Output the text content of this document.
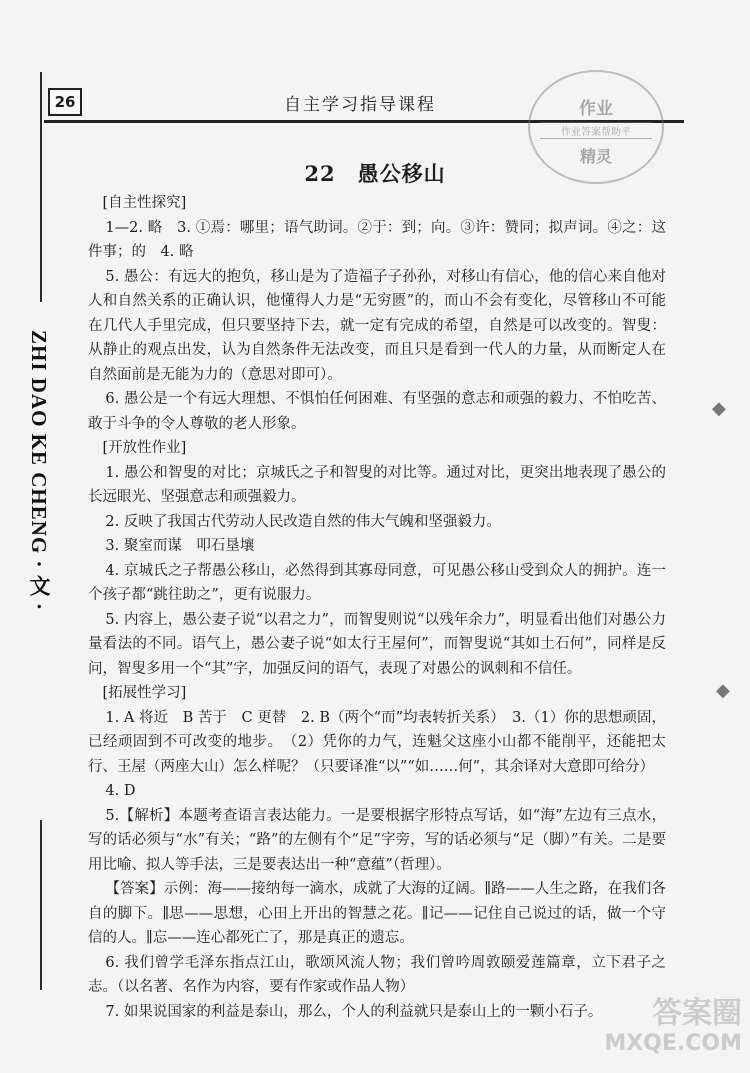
26	自主学习指导课程	作业
作业答案帮助平
精灵
ZHI DAO KE CHENG · 文 ·
22　愚公移山

[自主性探究]

1—2. 略　3. ①焉：哪里；语气助词。②于：到；向。③许：赞同；拟声词。④之：这件事；的　4. 略

5. 愚公：有远大的抱负，移山是为了造福子子孙孙，对移山有信心，他的信心来自他对人和自然关系的正确认识，他懂得人力是“无穷匮”的，而山不会有变化，尽管移山不可能在几代人手里完成，但只要坚持下去，就一定有完成的希望，自然是可以改变的。智叟：从静止的观点出发，认为自然条件无法改变，而且只是看到一代人的力量，从而断定人在自然面前是无能为力的（意思对即可）。

6. 愚公是一个有远大理想、不惧怕任何困难、有坚强的意志和顽强的毅力、不怕吃苦、敢于斗争的令人尊敬的老人形象。

[开放性作业]

1. 愚公和智叟的对比；京城氏之子和智叟的对比等。通过对比，更突出地表现了愚公的长远眼光、坚强意志和顽强毅力。

2. 反映了我国古代劳动人民改造自然的伟大气魄和坚强毅力。

3. 聚室而谋　叩石垦壤

4. 京城氏之子帮愚公移山，必然得到其寡母同意，可见愚公移山受到众人的拥护。连一个孩子都“跳往助之”，更有说服力。

5. 内容上，愚公妻子说“以君之力”，而智叟则说“以残年余力”，明显看出他们对愚公力量看法的不同。语气上，愚公妻子说“如太行王屋何”，而智叟说“其如土石何”，同样是反问，智叟多用一个“其”字，加强反问的语气，表现了对愚公的讽刺和不信任。

[拓展性学习]

1. A 将近　B 苦于　C 更替　2. B（两个“而”均表转折关系）　3.（1）你的思想顽固，已经顽固到不可改变的地步。　（2）凭你的力气，连魁父这座小山都不能削平，还能把太行、王屋（两座大山）怎么样呢？（只要译准“以”“如……何”，其余译对大意即可给分）

4. D

5.【解析】本题考查语言表达能力。一是要根据字形特点写话，如“海”左边有三点水，写的话必须与“水”有关；“路”的左侧有个“足”字旁，写的话必须与“足（脚）”有关。二是要用比喻、拟人等手法，三是要表达出一种“意蕴”（哲理）。

【答案】示例：海——接纳每一滴水，成就了大海的辽阔。∥路——人生之路，在我们各自的脚下。∥思——思想，心田上开出的智慧之花。∥记——记住自己说过的话，做一个守信的人。∥忘——连心都死亡了，那是真正的遗忘。

6. 我们曾学毛泽东指点江山，歌颂风流人物；我们曾吟周敦颐爱莲篇章，立下君子之志。（以名著、名作为内容，要有作家或作品人物）

7. 如果说国家的利益是泰山，那么，个人的利益就只是泰山上的一颗小石子。

◆
◆
答案圈
MXQE.COM
